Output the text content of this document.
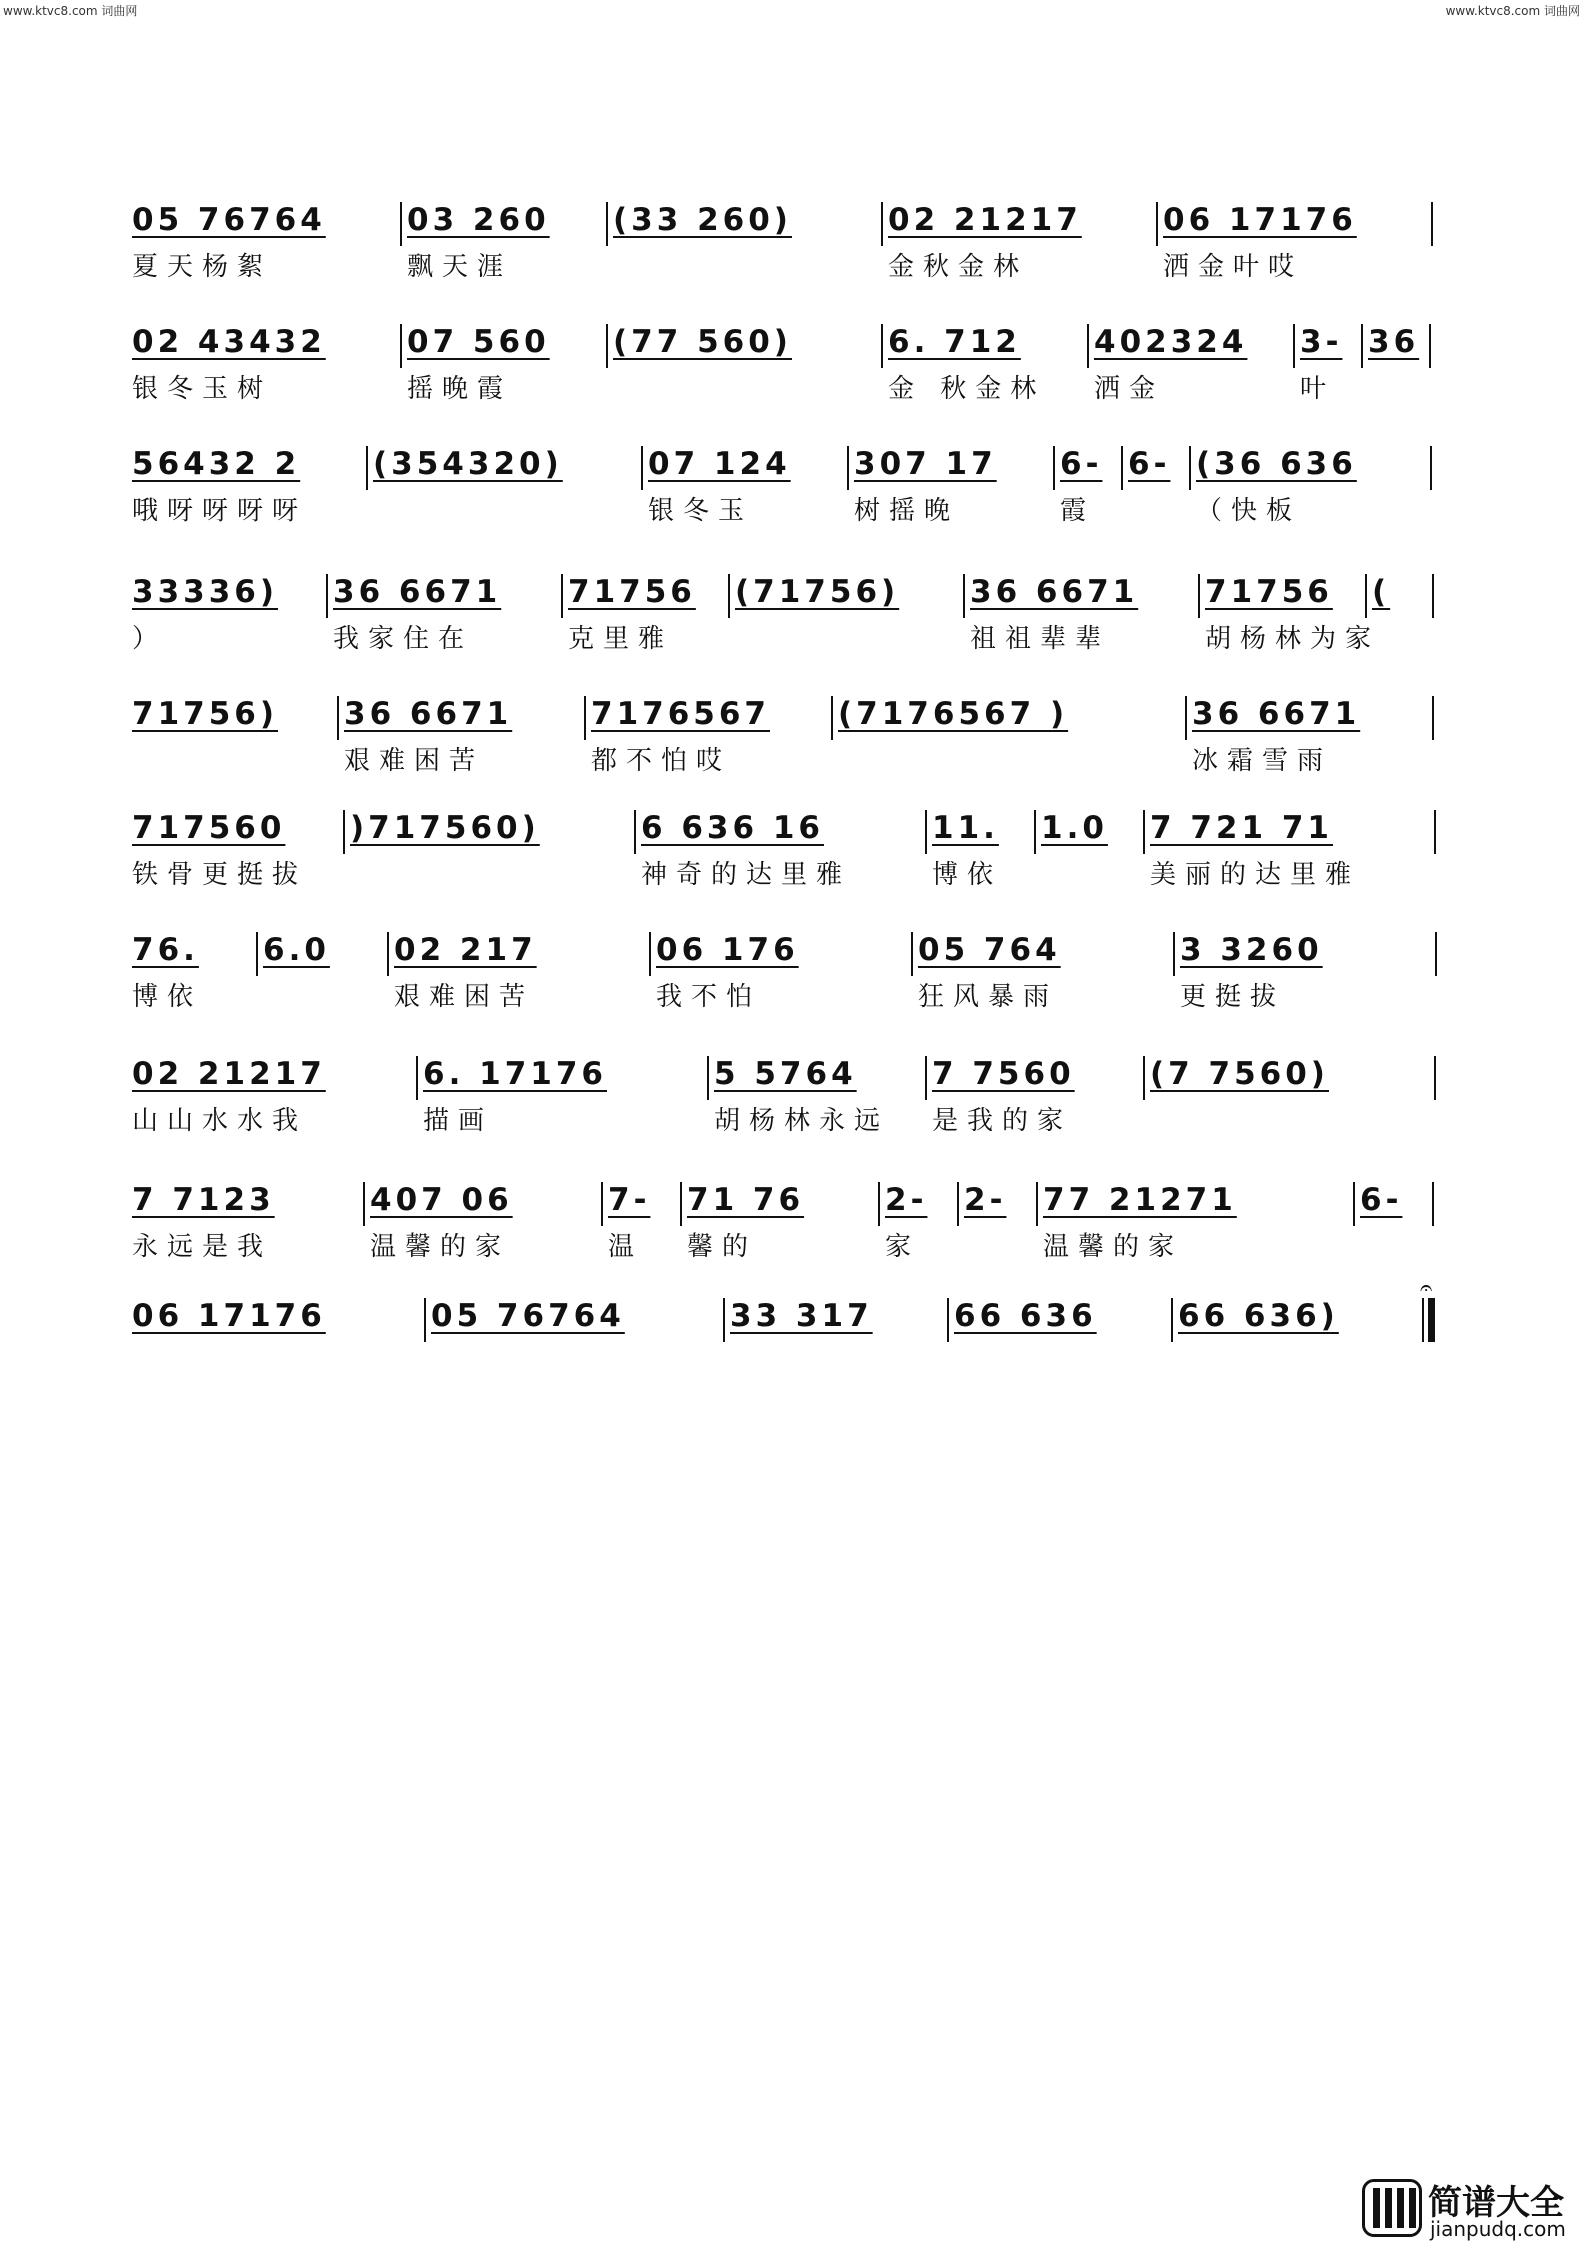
www.ktvc8.com 词曲网	www.ktvc8.com 词曲网
05 76764
夏天杨絮
03 260
飘天涯
(33 260)	02 21217
金秋金林
06 17176
洒金叶哎
02 43432
银冬玉树
07 560
摇晚霞
(77 560)	6. 712
金 秋金林
402324
洒金
3-
叶
36
56432 2
哦呀呀呀呀
(354320)	07 124
银冬玉
307 17
树摇晚
6-
霞
6- (36 636
（快板
33336)
）
36 6671
我家住在
71756
克里雅
(71756)	36 6671
祖祖辈辈
71756
胡杨林为家
(
71756)	36 6671
艰难困苦
7176567
都不怕哎
(7176567 )	36 6671
冰霜雪雨
717560
铁骨更挺拔
)717560)	6 636 16
神奇的达里雅
11.
博依
1.0	7 721 71
美丽的达里雅
76.
博依
6.0	02 217
艰难困苦
06 176
我不怕
05 764
狂风暴雨
3 3260
更挺拔
02 21217
山山水水我
6. 17176
描画
5 5764
胡杨林永远
7 7560
是我的家
(7 7560)
7 7123
永远是我
407 06
温馨的家
7-
温
71 76
馨的
2-
家
2-	77 21271
温馨的家
6-
06 17176	05 76764	33 317	66 636	66 636)
𝄐
简谱大全
jianpudq.com
